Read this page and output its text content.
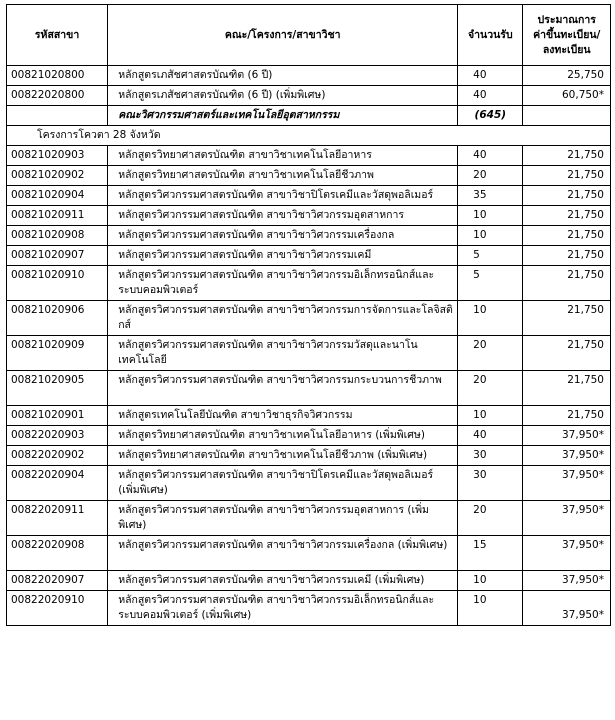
รหัสสาขา	คณะ/โครงการ/สาขาวิชา	จำนวนรับ	ประมาณการ
ค่าขึ้นทะเบียน/
ลงทะเบียน
00821020800	หลักสูตรเภสัชศาสตรบัณฑิต (6 ปี)	40	25,750
00822020800	หลักสูตรเภสัชศาสตรบัณฑิต (6 ปี) (เพิ่มพิเศษ)	40	60,750*
	คณะวิศวกรรมศาสตร์และเทคโนโลยีอุตสาหกรรม	(645)	
โครงการโควตา 28 จังหวัด			
00821020903	หลักสูตรวิทยาศาสตรบัณฑิต สาขาวิชาเทคโนโลยีอาหาร	40	21,750
00821020902	หลักสูตรวิทยาศาสตรบัณฑิต สาขาวิชาเทคโนโลยีชีวภาพ	20	21,750
00821020904	หลักสูตรวิศวกรรมศาสตรบัณฑิต สาขาวิชาปิโตรเคมีและวัสดุพอลิเมอร์	35	21,750
00821020911	หลักสูตรวิศวกรรมศาสตรบัณฑิต สาขาวิชาวิศวกรรมอุตสาหการ	10	21,750
00821020908	หลักสูตรวิศวกรรมศาสตรบัณฑิต สาขาวิชาวิศวกรรมเครื่องกล	10	21,750
00821020907	หลักสูตรวิศวกรรมศาสตรบัณฑิต สาขาวิชาวิศวกรรมเคมี	5	21,750
00821020910	หลักสูตรวิศวกรรมศาสตรบัณฑิต สาขาวิชาวิศวกรรมอิเล็กทรอนิกส์และระบบคอมพิวเตอร์	5	21,750
00821020906	หลักสูตรวิศวกรรมศาสตรบัณฑิต สาขาวิชาวิศวกรรมการจัดการและโลจิสติกส์	10	21,750
00821020909	หลักสูตรวิศวกรรมศาสตรบัณฑิต สาขาวิชาวิศวกรรมวัสดุและนาโนเทคโนโลยี	20	21,750
00821020905	หลักสูตรวิศวกรรมศาสตรบัณฑิต สาขาวิชาวิศวกรรมกระบวนการชีวภาพ	20	21,750
00821020901	หลักสูตรเทคโนโลยีบัณฑิต สาขาวิชาธุรกิจวิศวกรรม	10	21,750
00822020903	หลักสูตรวิทยาศาสตรบัณฑิต สาขาวิชาเทคโนโลยีอาหาร (เพิ่มพิเศษ)	40	37,950*
00822020902	หลักสูตรวิทยาศาสตรบัณฑิต สาขาวิชาเทคโนโลยีชีวภาพ (เพิ่มพิเศษ)	30	37,950*
00822020904	หลักสูตรวิศวกรรมศาสตรบัณฑิต สาขาวิชาปิโตรเคมีและวัสดุพอลิเมอร์ (เพิ่มพิเศษ)	30	37,950*
00822020911	หลักสูตรวิศวกรรมศาสตรบัณฑิต สาขาวิชาวิศวกรรมอุตสาหการ (เพิ่มพิเศษ)	20	37,950*
00822020908	หลักสูตรวิศวกรรมศาสตรบัณฑิต สาขาวิชาวิศวกรรมเครื่องกล (เพิ่มพิเศษ)	15	37,950*
00822020907	หลักสูตรวิศวกรรมศาสตรบัณฑิต สาขาวิชาวิศวกรรมเคมี (เพิ่มพิเศษ)	10	37,950*
00822020910	หลักสูตรวิศวกรรมศาสตรบัณฑิต สาขาวิชาวิศวกรรมอิเล็กทรอนิกส์และระบบคอมพิวเตอร์ (เพิ่มพิเศษ)	10	37,950*
